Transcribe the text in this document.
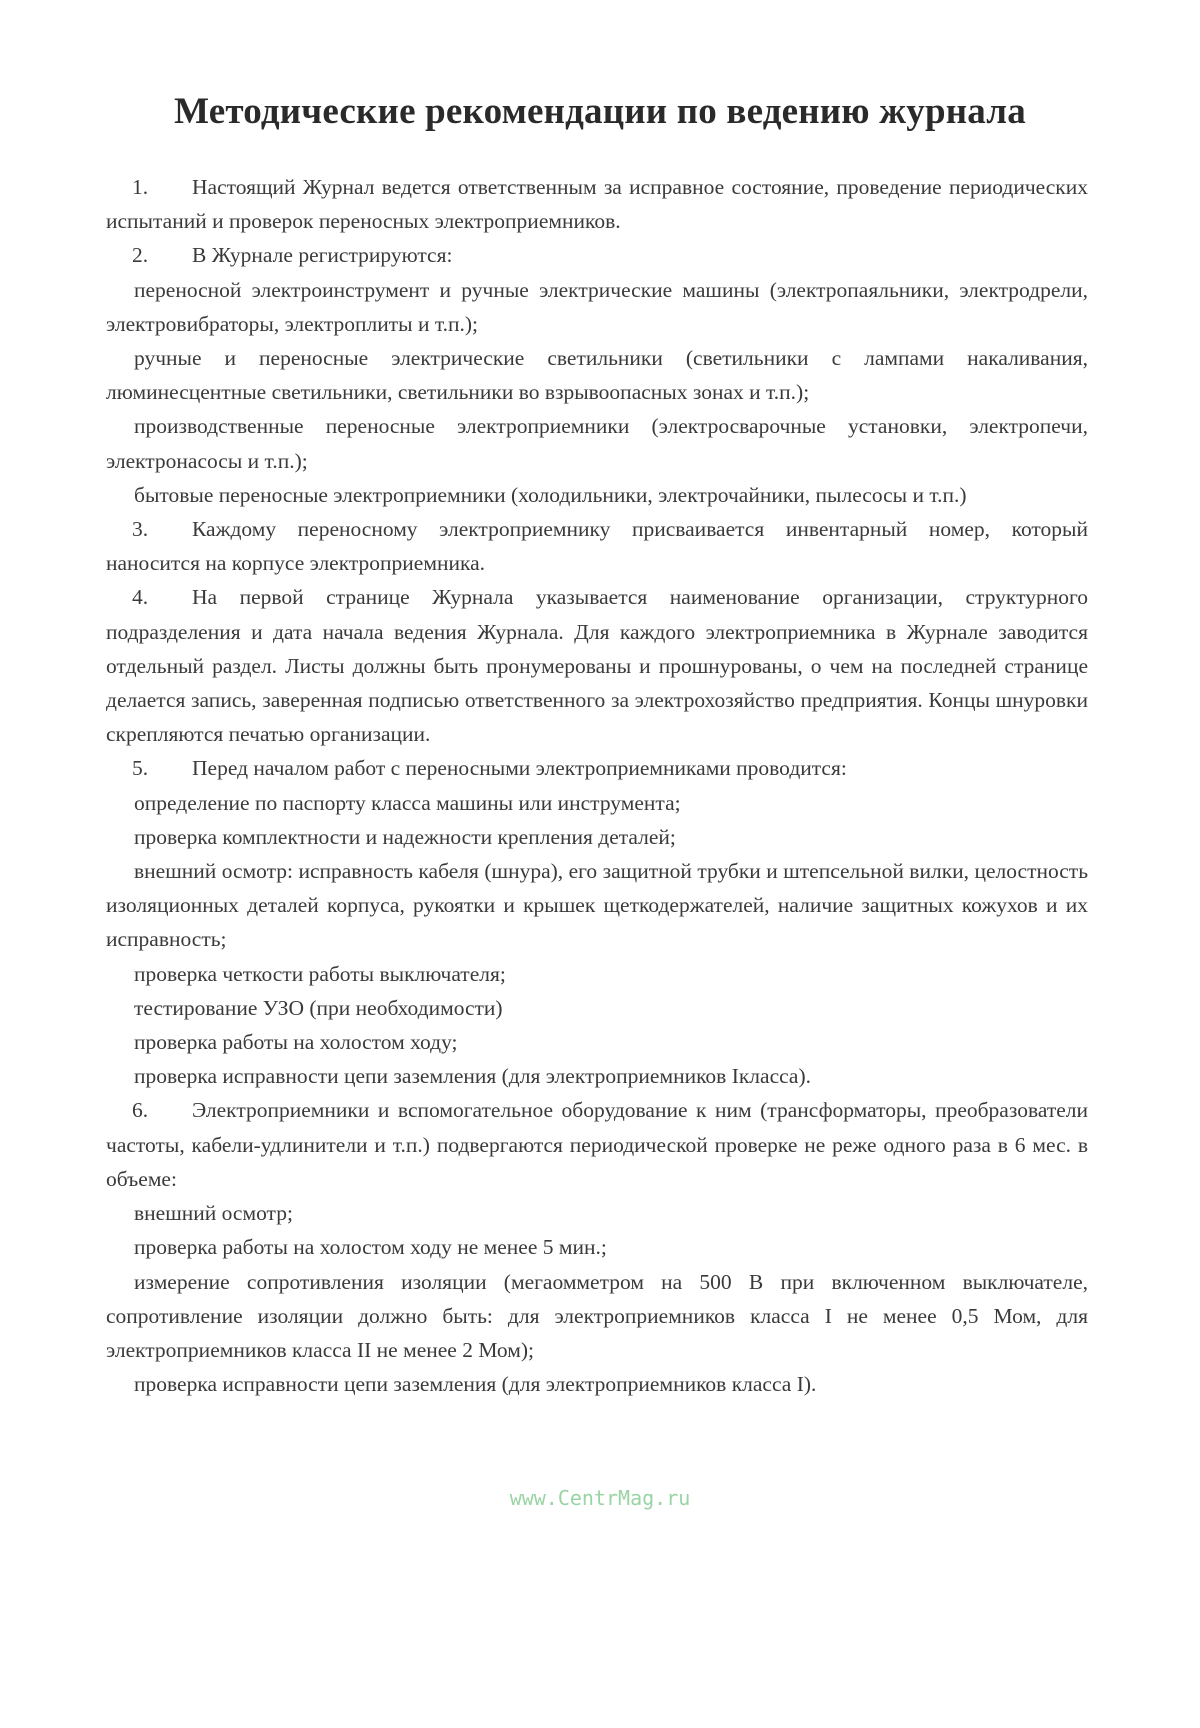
Методические рекомендации по ведению журнала

1. Настоящий Журнал ведется ответственным за исправное состояние, проведение периодических испытаний и проверок переносных электроприемников.

2. В Журнале регистрируются:

переносной электроинструмент и ручные электрические машины (электропаяльники, электродрели, электровибраторы, электроплиты и т.п.);

ручные и переносные электрические светильники (светильники с лампами накаливания, люминесцентные светильники, светильники во взрывоопасных зонах и т.п.);

производственные переносные электроприемники (электросварочные установки, электропечи, электронасосы и т.п.);

бытовые переносные электроприемники (холодильники, электрочайники, пылесосы и т.п.)

3. Каждому переносному электроприемнику присваивается инвентарный номер, который наносится на корпусе электроприемника.

4. На первой странице Журнала указывается наименование организации, структурного подразделения и дата начала ведения Журнала. Для каждого электроприемника в Журнале заводится отдельный раздел. Листы должны быть пронумерованы и прошнурованы, о чем на последней странице делается запись, заверенная подписью ответственного за электрохозяйство предприятия. Концы шнуровки скрепляются печатью организации.

5. Перед началом работ с переносными электроприемниками проводится:

определение по паспорту класса машины или инструмента;

проверка комплектности и надежности крепления деталей;

внешний осмотр: исправность кабеля (шнура), его защитной трубки и штепсельной вилки, целостность изоляционных деталей корпуса, рукоятки и крышек щеткодержателей, наличие защитных кожухов и их исправность;

проверка четкости работы выключателя;

тестирование УЗО (при необходимости)

проверка работы на холостом ходу;

проверка исправности цепи заземления (для электроприемников Iкласса).

6. Электроприемники и вспомогательное оборудование к ним (трансформаторы, преобразователи частоты, кабели-удлинители и т.п.) подвергаются периодической проверке не реже одного раза в 6 мес. в объеме:

внешний осмотр;

проверка работы на холостом ходу не менее 5 мин.;

измерение сопротивления изоляции (мегаомметром на 500 В при включенном выключателе, сопротивление изоляции должно быть: для электроприемников класса I не менее 0,5 Мом, для электроприемников класса II не менее 2 Мом);

проверка исправности цепи заземления (для электроприемников класса I).

www.CentrMag.ru
